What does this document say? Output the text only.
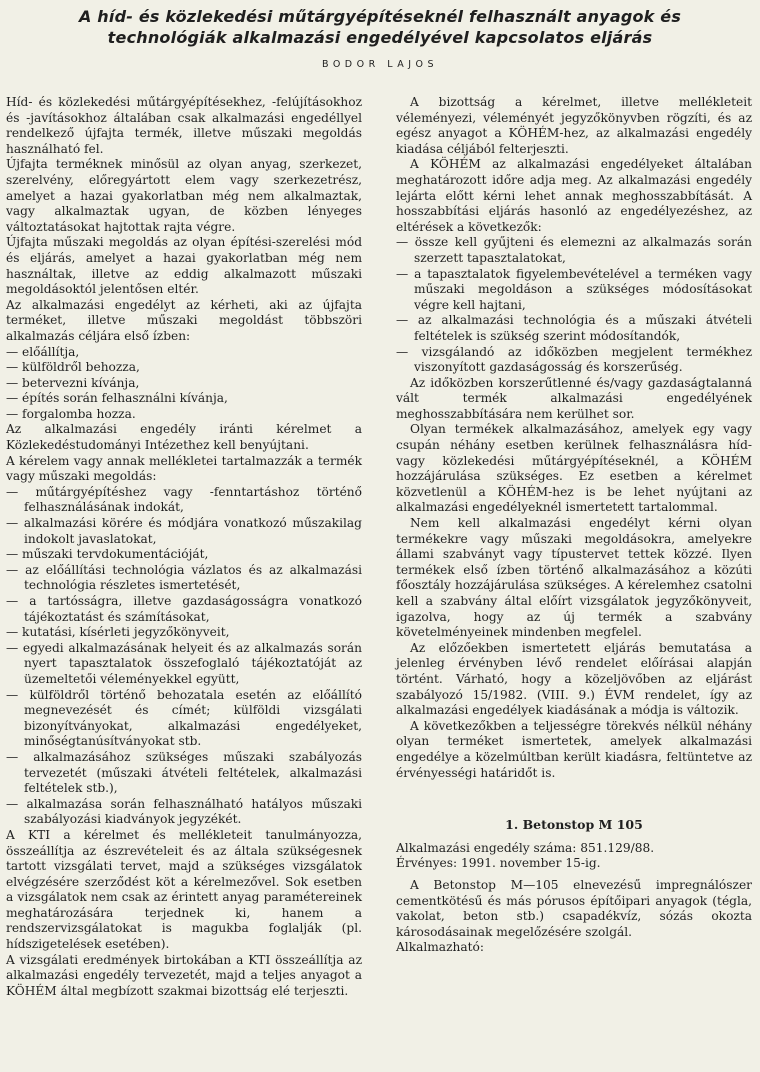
A híd- és közlekedési műtárgyépítéseknél felhasznált anyagok és
technológiák alkalmazási engedélyével kapcsolatos eljárás
BODOR LAJOS

Híd- és közlekedési műtárgyépítésekhez, -felújításokhoz és -javításokhoz általában csak alkalmazási engedéllyel rendelkező újfajta termék, illetve műszaki megoldás használható fel.

Újfajta terméknek minősül az olyan anyag, szerkezet, szerelvény, előregyártott elem vagy szerkezetrész, amelyet a hazai gyakorlatban még nem alkalmaztak, vagy alkalmaztak ugyan, de közben lényeges változtatásokat hajtottak rajta végre.

Újfajta műszaki megoldás az olyan építési-szerelési mód és eljárás, amelyet a hazai gyakorlatban még nem használtak, illetve az eddig alkalmazott műszaki megoldásoktól jelentősen eltér.

Az alkalmazási engedélyt az kérheti, aki az újfajta terméket, illetve műszaki megoldást többszöri alkalmazás céljára első ízben:

— előállítja,

— külföldről behozza,

— betervezni kívánja,

— építés során felhasználni kívánja,

— forgalomba hozza.

Az alkalmazási engedély iránti kérelmet a Közlekedéstudományi Intézethez kell benyújtani.

A kérelem vagy annak mellékletei tartalmazzák a termék vagy műszaki megoldás:

— műtárgyépítéshez vagy -fenntartáshoz történő felhasználásának indokát,

— alkalmazási körére és módjára vonatkozó műszakilag indokolt javaslatokat,

— műszaki tervdokumentációját,

— az előállítási technológia vázlatos és az alkalmazási technológia részletes ismertetését,

— a tartósságra, illetve gazdaságosságra vonatkozó tájékoztatást és számításokat,

— kutatási, kísérleti jegyzőkönyveit,

— egyedi alkalmazásának helyeit és az alkalmazás során nyert tapasztalatok összefoglaló tájékoztatóját az üzemeltetői véleményekkel együtt,

— külföldről történő behozatala esetén az előállító megnevezését és címét; külföldi vizsgálati bizonyítványokat, alkalmazási engedélyeket, minőségtanúsítványokat stb.

— alkalmazásához szükséges műszaki szabályozás tervezetét (műszaki átvételi feltételek, alkalmazási feltételek stb.),

— alkalmazása során felhasználható hatályos műszaki szabályozási kiadványok jegyzékét.

A KTI a kérelmet és mellékleteit tanulmányozza, összeállítja az észrevételeit és az általa szükségesnek tartott vizsgálati tervet, majd a szükséges vizsgálatok elvégzésére szerződést köt a kérelmezővel. Sok esetben a vizsgálatok nem csak az érintett anyag paramétereinek meghatározására terjednek ki, hanem a rendszervizsgálatokat is magukba foglalják (pl. hídszigetelések esetében).

A vizsgálati eredmények birtokában a KTI összeállítja az alkalmazási engedély tervezetét, majd a teljes anyagot a KÖHÉM által megbízott szakmai bizottság elé terjeszti.

A bizottság a kérelmet, illetve mellékleteit véleményezi, véleményét jegyzőkönyvben rögzíti, és az egész anyagot a KÖHÉM-hez, az alkalmazási engedély kiadása céljából felterjeszti.

A KÖHÉM az alkalmazási engedélyeket általában meghatározott időre adja meg. Az alkalmazási engedély lejárta előtt kérni lehet annak meghosszabbítását. A hosszabbítási eljárás hasonló az engedélyezéshez, az eltérések a következők:

— össze kell gyűjteni és elemezni az alkalmazás során szerzett tapasztalatokat,

— a tapasztalatok figyelembevételével a terméken vagy műszaki megoldáson a szükséges módosításokat végre kell hajtani,

— az alkalmazási technológia és a műszaki átvételi feltételek is szükség szerint módosítandók,

— vizsgálandó az időközben megjelent termékhez viszonyított gazdaságosság és korszerűség.

Az időközben korszerűtlenné és/vagy gazdaságtalanná vált termék alkalmazási engedélyének meghosszabbítására nem kerülhet sor.

Olyan termékek alkalmazásához, amelyek egy vagy csupán néhány esetben kerülnek felhasználásra híd- vagy közlekedési műtárgyépítéseknél, a KÖHÉM hozzájárulása szükséges. Ez esetben a kérelmet közvetlenül a KÖHÉM-hez is be lehet nyújtani az alkalmazási engedélyeknél ismertetett tartalommal.

Nem kell alkalmazási engedélyt kérni olyan termékekre vagy műszaki megoldásokra, amelyekre állami szabványt vagy típustervet tettek közzé. Ilyen termékek első ízben történő alkalmazásához a közúti főosztály hozzájárulása szükséges. A kérelemhez csatolni kell a szabvány által előírt vizsgálatok jegyzőkönyveit, igazolva, hogy az új termék a szabvány követelményeinek mindenben megfelel.

Az előzőekben ismertetett eljárás bemutatása a jelenleg érvényben lévő rendelet előírásai alapján történt. Várható, hogy a közeljövőben az eljárást szabályozó 15/1982. (VIII. 9.) ÉVM rendelet, így az alkalmazási engedélyek kiadásának a módja is változik.

A következőkben a teljességre törekvés nélkül néhány olyan terméket ismertetek, amelyek alkalmazási engedélye a közelmúltban került kiadásra, feltüntetve az érvényességi határidőt is.

1. Betonstop M 105

Alkalmazási engedély száma: 851.129/88.

Érvényes: 1991. november 15-ig.

A Betonstop M—105 elnevezésű impregnálószer cementkötésű és más pórusos építőipari anyagok (tégla, vakolat, beton stb.) csapadékvíz, sózás okozta károsodásainak megelőzésére szolgál.

Alkalmazható:
